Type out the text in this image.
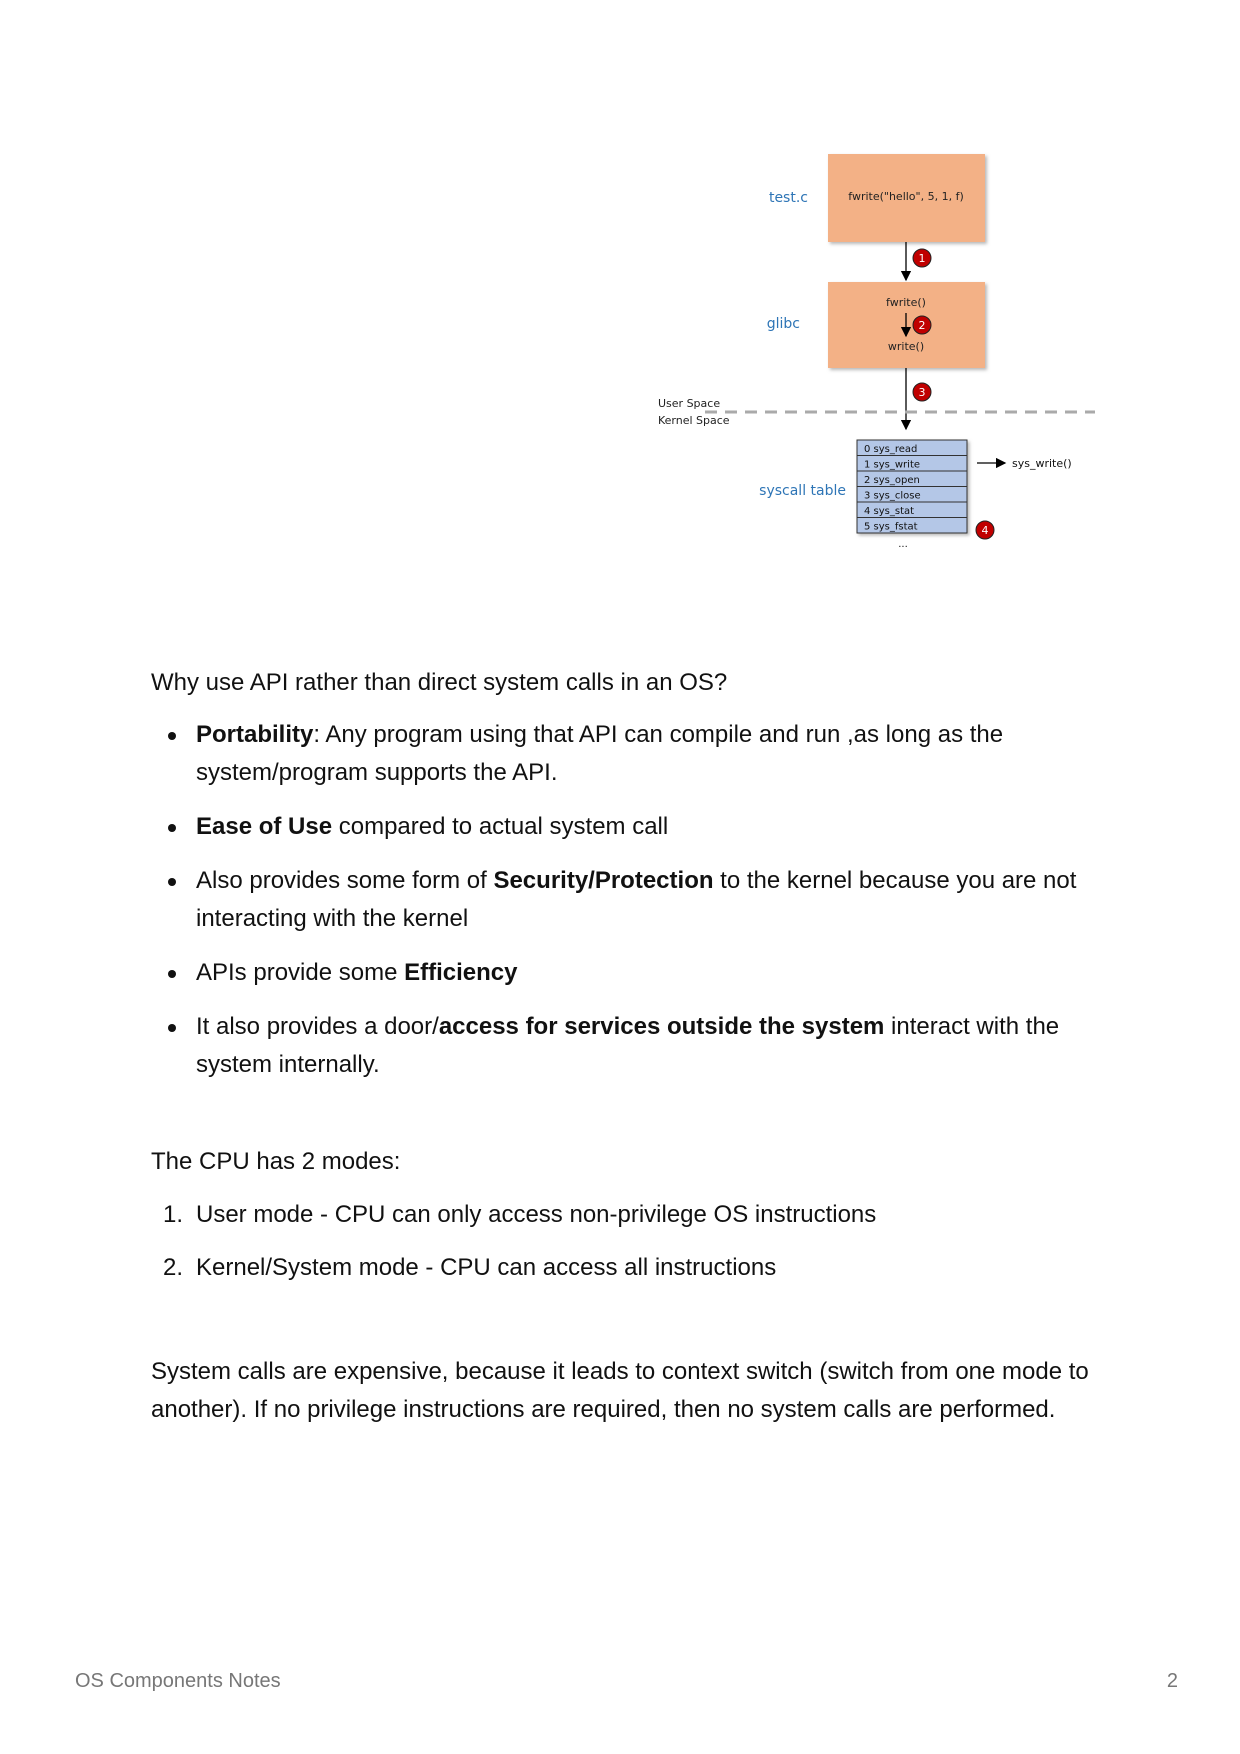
fwrite("hello", 5, 1, f)
test.c
1
fwrite()
2
write()
glibc
3
User Space
Kernel Space
0 sys_read
1 sys_write
2 sys_open
3 sys_close
4 sys_stat
5 sys_fstat
...
syscall table
sys_write()
4

Why use API rather than direct system calls in an OS?

Portability: Any program using that API can compile and run ,as long as the system/program supports the API.
Ease of Use compared to actual system call
Also provides some form of Security/Protection to the kernel because you are not interacting with the kernel
APIs provide some Efficiency
It also provides a door/access for services outside the system interact with the system internally.

The CPU has 2 modes:

1. User mode - CPU can only access non-privilege OS instructions
2. Kernel/System mode - CPU can access all instructions

System calls are expensive, because it leads to context switch (switch from one mode to another). If no privilege instructions are required, then no system calls are performed.

OS Components Notes	2
